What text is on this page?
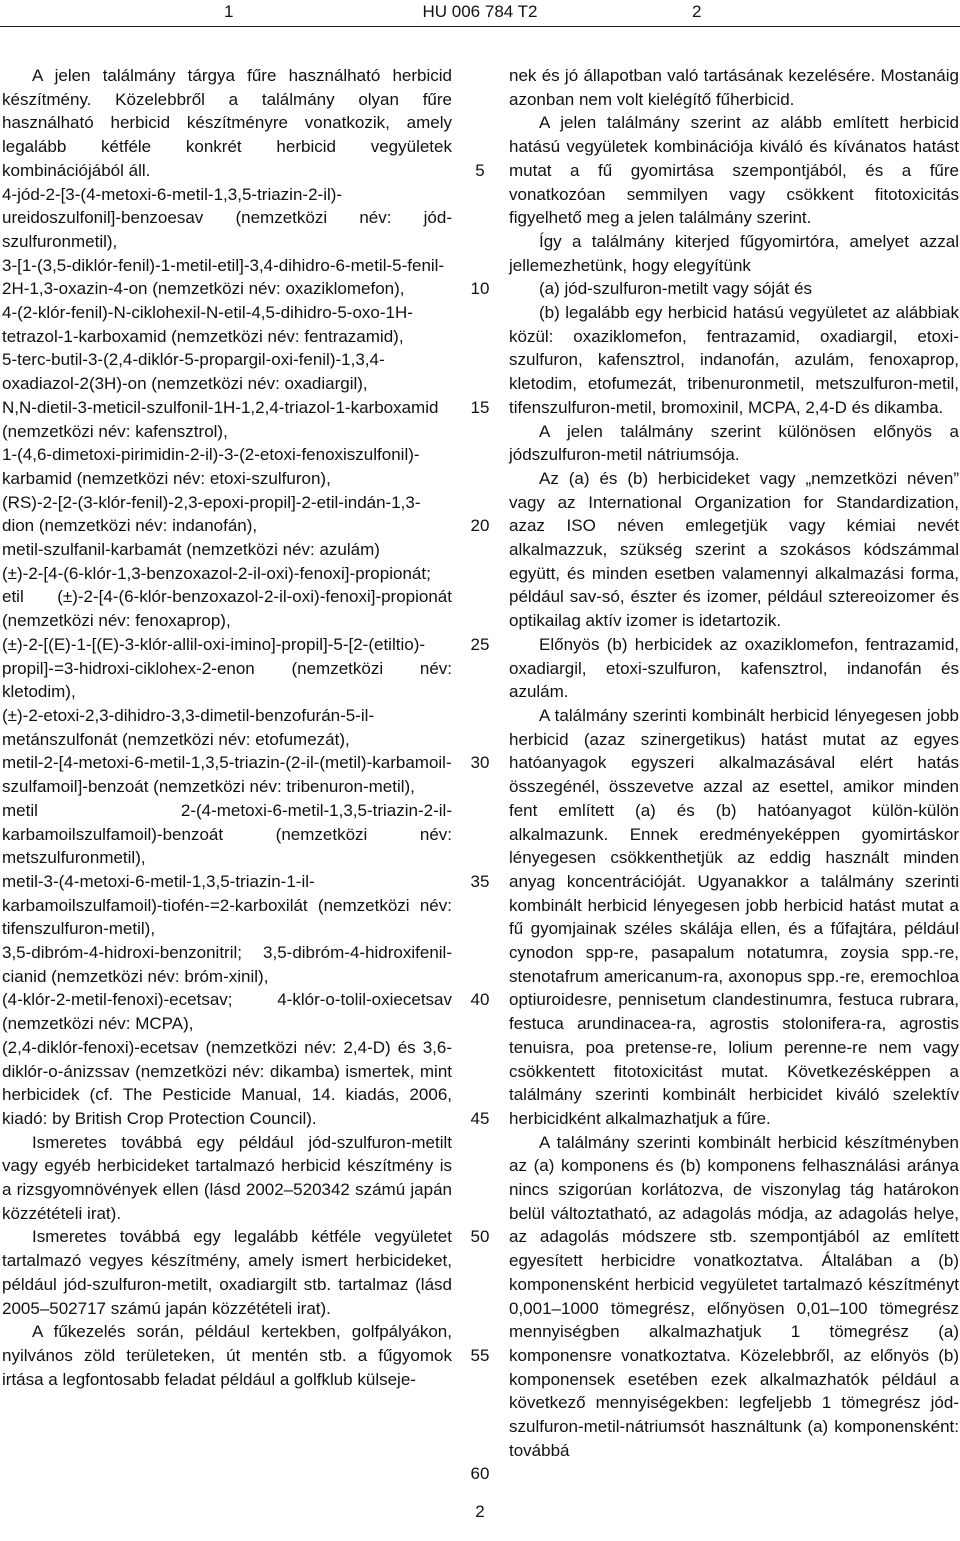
1	HU 006 784 T2	2

A jelen találmány tárgya fűre használható herbicid készítmény. Közelebbről a találmány olyan fűre használható herbicid készítményre vonatkozik, amely legalább kétféle konkrét herbicid vegyületek kombinációjából áll.

4-jód-2-[3-(4-metoxi-6-metil-1,3,5-triazin-2-il)-ureidoszulfonil]-benzoesav (nemzetközi név: jód-szulfuronmetil),

3-[1-(3,5-diklór-fenil)-1-metil-etil]-3,4-dihidro-6-metil-5-fenil-2H-1,3-oxazin-4-on (nemzetközi név: oxaziklomefon),

4-(2-klór-fenil)-N-ciklohexil-N-etil-4,5-dihidro-5-oxo-1H-tetrazol-1-karboxamid (nemzetközi név: fentrazamid),

5-terc-butil-3-(2,4-diklór-5-propargil-oxi-fenil)-1,3,4-oxadiazol-2(3H)-on (nemzetközi név: oxadiargil),

N,N-dietil-3-meticil-szulfonil-1H-1,2,4-triazol-1-karboxamid (nemzetközi név: kafensztrol),

1-(4,6-dimetoxi-pirimidin-2-il)-3-(2-etoxi-fenoxiszulfonil)-karbamid (nemzetközi név: etoxi-szulfuron),

(RS)-2-[2-(3-klór-fenil)-2,3-epoxi-propil]-2-etil-indán-1,3-dion (nemzetközi név: indanofán),

metil-szulfanil-karbamát (nemzetközi név: azulám)

(±)-2-[4-(6-klór-1,3-benzoxazol-2-il-oxi)-fenoxi]-propionát;

etil (±)-2-[4-(6-klór-benzoxazol-2-il-oxi)-fenoxi]-propionát (nemzetközi név: fenoxaprop),

(±)-2-[(E)-1-[(E)-3-klór-allil-oxi-imino]-propil]-5-[2-(etiltio)-propil]-=3-hidroxi-ciklohex-2-enon (nemzetközi név: kletodim),

(±)-2-etoxi-2,3-dihidro-3,3-dimetil-benzofurán-5-il-metánszulfonát (nemzetközi név: etofumezát),

metil-2-[4-metoxi-6-metil-1,3,5-triazin-(2-il-(metil)-karbamoil-szulfamoil]-benzoát (nemzetközi név: tribenuron-metil),

metil 2-(4-metoxi-6-metil-1,3,5-triazin-2-il-karbamoilszulfamoil)-benzoát (nemzetközi név: metszulfuronmetil),

metil-3-(4-metoxi-6-metil-1,3,5-triazin-1-il-karbamoilszulfamoil)-tiofén-=2-karboxilát (nemzetközi név: tifenszulfuron-metil),

3,5-dibróm-4-hidroxi-benzonitril; 3,5-dibróm-4-hidroxifenil-cianid (nemzetközi név: bróm-xinil),

(4-klór-2-metil-fenoxi)-ecetsav; 4-klór-o-tolil-oxiecetsav (nemzetközi név: MCPA),

(2,4-diklór-fenoxi)-ecetsav (nemzetközi név: 2,4-D) és 3,6-diklór-o-ánizssav (nemzetközi név: dikamba) ismertek, mint herbicidek (cf. The Pesticide Manual, 14. kiadás, 2006, kiadó: by British Crop Protection Council).

Ismeretes továbbá egy például jód-szulfuron-metilt vagy egyéb herbicideket tartalmazó herbicid készítmény is a rizsgyomnövények ellen (lásd 2002–520342 számú japán közzétételi irat).

Ismeretes továbbá egy legalább kétféle vegyületet tartalmazó vegyes készítmény, amely ismert herbicideket, például jód-szulfuron-metilt, oxadiargilt stb. tartalmaz (lásd 2005–502717 számú japán közzétételi irat).

A fűkezelés során, például kertekben, golfpályákon, nyilvános zöld területeken, út mentén stb. a fűgyomok irtása a legfontosabb feladat például a golfklub külseje-

nek és jó állapotban való tartásának kezelésére. Mostanáig azonban nem volt kielégítő fűherbicid.

A jelen találmány szerint az alább említett herbicid hatású vegyületek kombinációja kiváló és kívánatos hatást mutat a fű gyomirtása szempontjából, és a fűre vonatkozóan semmilyen vagy csökkent fitotoxicitás figyelhető meg a jelen találmány szerint.

Így a találmány kiterjed fűgyomirtóra, amelyet azzal jellemezhetünk, hogy elegyítünk

(a) jód-szulfuron-metilt vagy sóját és

(b) legalább egy herbicid hatású vegyületet az alábbiak közül: oxaziklomefon, fentrazamid, oxadiargil, etoxi-szulfuron, kafensztrol, indanofán, azulám, fenoxaprop, kletodim, etofumezát, tribenuronmetil, metszulfuron-metil, tifenszulfuron-metil, bromoxinil, MCPA, 2,4-D és dikamba.

A jelen találmány szerint különösen előnyös a jódszulfuron-metil nátriumsója.

Az (a) és (b) herbicideket vagy „nemzetközi néven” vagy az International Organization for Standardization, azaz ISO néven emlegetjük vagy kémiai nevét alkalmazzuk, szükség szerint a szokásos kódszámmal együtt, és minden esetben valamennyi alkalmazási forma, például sav-só, észter és izomer, például sztereoizomer és optikailag aktív izomer is idetartozik.

Előnyös (b) herbicidek az oxaziklomefon, fentrazamid, oxadiargil, etoxi-szulfuron, kafensztrol, indanofán és azulám.

A találmány szerinti kombinált herbicid lényegesen jobb herbicid (azaz szinergetikus) hatást mutat az egyes hatóanyagok egyszeri alkalmazásával elért hatás összegénél, összevetve azzal az esettel, amikor minden fent említett (a) és (b) hatóanyagot külön-külön alkalmazunk. Ennek eredményeképpen gyomirtáskor lényegesen csökkenthetjük az eddig használt minden anyag koncentrációját. Ugyanakkor a találmány szerinti kombinált herbicid lényegesen jobb herbicid hatást mutat a fű gyomjainak széles skálája ellen, és a fűfajtára, például cynodon spp-re, pasapalum notatumra, zoysia spp.-re, stenotafrum americanum-ra, axonopus spp.-re, eremochloa optiuroidesre, pennisetum clandestinumra, festuca rubrara, festuca arundinacea-ra, agrostis stolonifera-ra, agrostis tenuisra, poa pretense-re, lolium perenne-re nem vagy csökkentett fitotoxicitást mutat. Következésképpen a találmány szerinti kombinált herbicidet kiváló szelektív herbicidként alkalmazhatjuk a fűre.

A találmány szerinti kombinált herbicid készítményben az (a) komponens és (b) komponens felhasználási aránya nincs szigorúan korlátozva, de viszonylag tág határokon belül változtatható, az adagolás módja, az adagolás helye, az adagolás módszere stb. szempontjából az említett egyesített herbicidre vonatkoztatva. Általában a (b) komponensként herbicid vegyületet tartalmazó készítményt 0,001–1000 tömegrész, előnyösen 0,01–100 tömegrész mennyiségben alkalmazhatjuk 1 tömegrész (a) komponensre vonatkoztatva. Közelebbről, az előnyös (b) komponensek esetében ezek alkalmazhatók például a következő mennyiségekben: legfeljebb 1 tömegrész jód-szulfuron-metil-nátriumsót használtunk (a) komponensként: továbbá

5
10
15
20
25
30
35
40
45
50
55
60
2
